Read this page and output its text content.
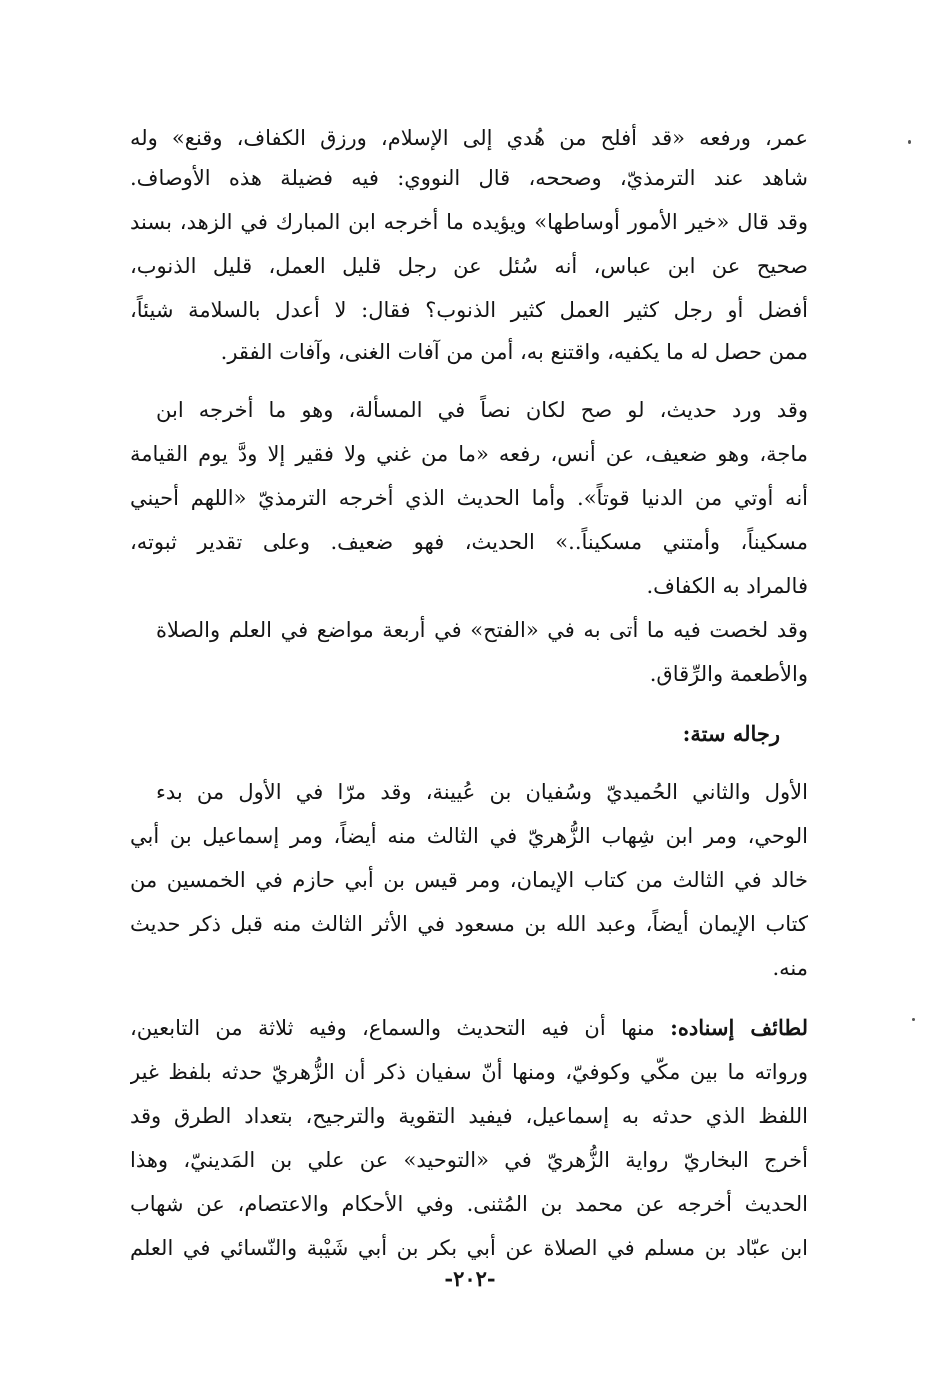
عمر، ورفعه «قد أفلح من هُدي إلى الإسلام، ورزق الكفاف، وقنع» وله
شاهد عند الترمذيّ، وصححه، قال النووي: فيه فضيلة هذه الأوصاف.
وقد قال «خير الأمور أوساطها» ويؤيده ما أخرجه ابن المبارك في الزهد، بسند
صحيح عن ابن عباس، أنه سُئل عن رجل قليل العمل، قليل الذنوب،
أفضل أو رجل كثير العمل كثير الذنوب؟ فقال: لا أعدل بالسلامة شيئاً،
ممن حصل له ما يكفيه، واقتنع به، أمن من آفات الغنى، وآفات الفقر.
وقد ورد حديث، لو صح لكان نصاً في المسألة، وهو ما أخرجه ابن
ماجة، وهو ضعيف، عن أنس، رفعه «ما من غني ولا فقير إلا ودَّ يوم القيامة
أنه أوتي من الدنيا قوتاً». وأما الحديث الذي أخرجه الترمذيّ «اللهم أحيني
مسكيناً، وأمتني مسكيناً..» الحديث، فهو ضعيف. وعلى تقدير ثبوته،
فالمراد به الكفاف.
وقد لخصت فيه ما أتى به في «الفتح» في أربعة مواضع في العلم والصلاة
والأطعمة والرِّقاق.
رجاله ستة:
الأول والثاني الحُميديّ وسُفيان بن عُيينة، وقد مرّا في الأول من بدء
الوحي، ومر ابن شِهاب الزُّهريّ في الثالث منه أيضاً، ومر إسماعيل بن أبي
خالد في الثالث من كتاب الإيمان، ومر قيس بن أبي حازم في الخمسين من
كتاب الإيمان أيضاً، وعبد الله بن مسعود في الأثر الثالث منه قبل ذكر حديث
منه.
لطائف إسناده: منها أن فيه التحديث والسماع، وفيه ثلاثة من التابعين،
ورواته ما بين مكّي وكوفيّ، ومنها أنّ سفيان ذكر أن الزُّهريّ حدثه بلفظ غير
اللفظ الذي حدثه به إسماعيل، فيفيد التقوية والترجيح، بتعداد الطرق وقد
أخرج البخاريّ رواية الزُّهريّ في «التوحيد» عن علي بن المَدينيّ، وهذا
الحديث أخرجه عن محمد بن المُثنى. وفي الأحكام والاعتصام، عن شهاب
ابن عبّاد بن مسلم في الصلاة عن أبي بكر بن أبي شَيْبة والنّسائي في العلم
-٢٠٢-
